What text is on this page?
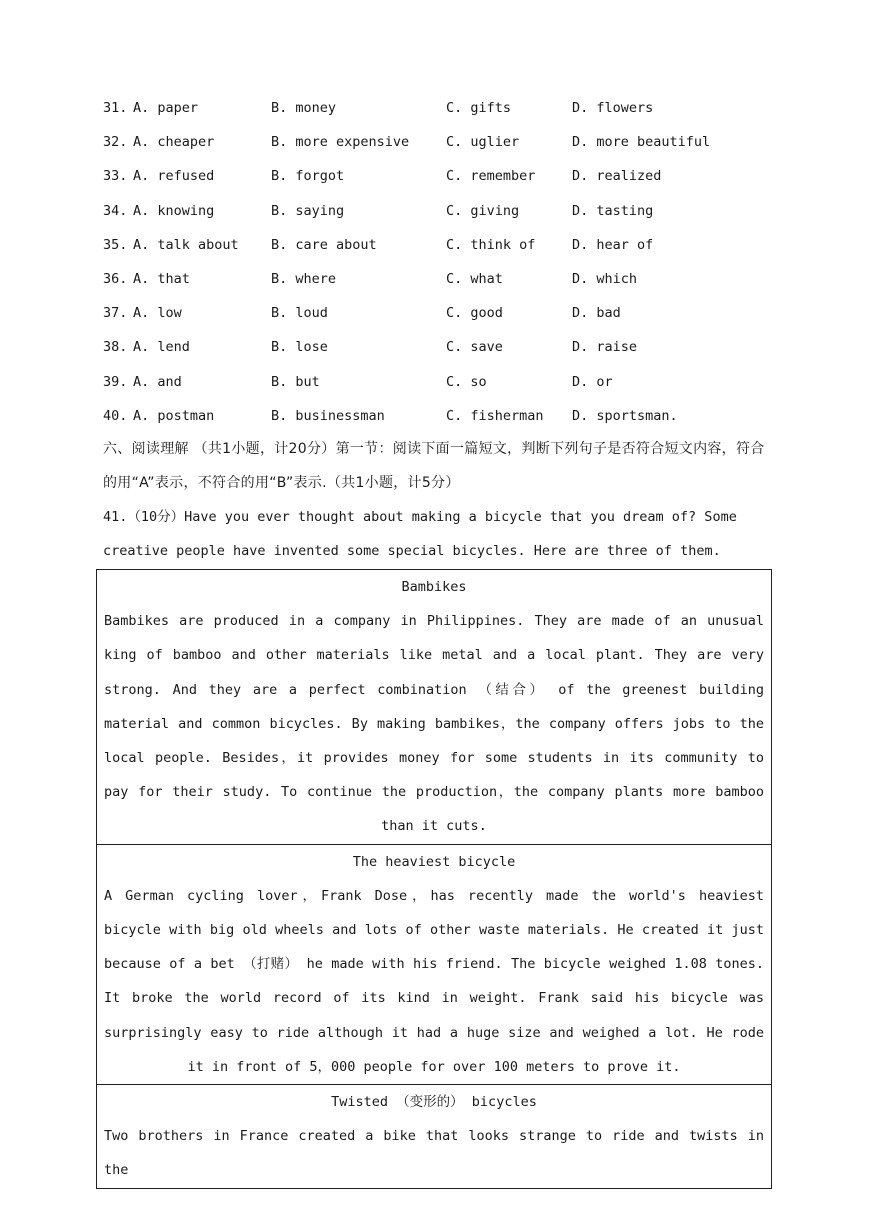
31. A. paper	B. money	C. gifts	D. flowers
32. A. cheaper	B. more expensive	C. uglier	D. more beautiful
33. A. refused	B. forgot	C. remember	D. realized
34. A. knowing	B. saying	C. giving	D. tasting
35. A. talk about B. care about	C. think of	D. hear of
36. A. that	B. where	C. what	D. which
37. A. low	B. loud	C. good	D. bad
38. A. lend	B. lose	C. save	D. raise
39. A. and	B. but	C. so	D. or
40. A. postman	B. businessman	C. fisherman D. sportsman.
六、阅读理解 （共1小题，计20分）第一节：阅读下面一篇短文，判断下列句子是否符合短文内容，符合的用“A”表示，不符合的用“B”表示.（共1小题，计5分）
41.（10分）Have you ever thought about making a bicycle that you dream of? Some creative people have invented some special bicycles. Here are three of them.
Bambikes
Bambikes are produced in a company in Philippines. They are made of an unusual king of bamboo and other materials like metal and a local plant. They are very strong. And they are a perfect combination （结合） of the greenest building material and common bicycles. By making bambikes，the company offers jobs to the local people. Besides，it provides money for some students in its community to pay for their study. To continue the production，the company plants more bamboo than it cuts.
The heaviest bicycle
A German cycling lover，Frank Dose，has recently made the world's heaviest bicycle with big old wheels and lots of other waste materials. He created it just because of a bet （打赌） he made with his friend. The bicycle weighed 1.08 tones. It broke the world record of its kind in weight. Frank said his bicycle was surprisingly easy to ride although it had a huge size and weighed a lot. He rode it in front of 5，000 people for over 100 meters to prove it.
Twisted （变形的） bicycles
Two brothers in France created a bike that looks strange to ride and twists in the
